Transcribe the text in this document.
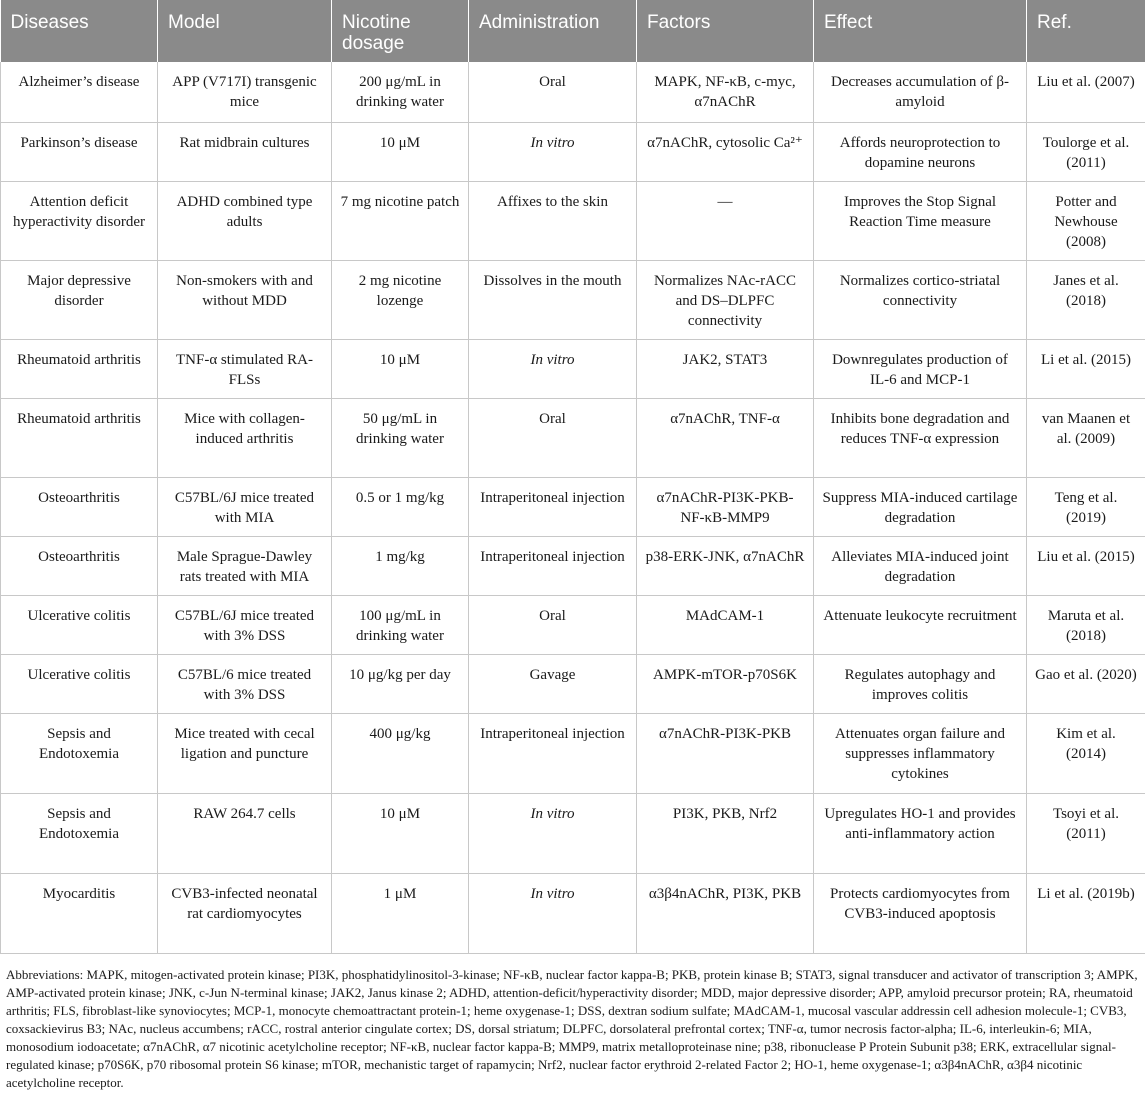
Diseases	Model	Nicotine dosage	Administration	Factors	Effect	Ref.
Alzheimer’s disease	APP (V717I) transgenic mice	200 μg/mL in drinking water	Oral	MAPK, NF-κB, c-myc, α7nAChR	Decreases accumulation of β-amyloid	Liu et al. (2007)
Parkinson’s disease	Rat midbrain cultures	10 μM	In vitro	α7nAChR, cytosolic Ca²⁺	Affords neuroprotection to dopamine neurons	Toulorge et al. (2011)
Attention deficit hyperactivity disorder	ADHD combined type adults	7 mg nicotine patch	Affixes to the skin	—	Improves the Stop Signal Reaction Time measure	Potter and Newhouse (2008)
Major depressive disorder	Non-smokers with and without MDD	2 mg nicotine lozenge	Dissolves in the mouth	Normalizes NAc-rACC and DS–DLPFC connectivity	Normalizes cortico-striatal connectivity	Janes et al. (2018)
Rheumatoid arthritis	TNF-α stimulated RA-FLSs	10 μM	In vitro	JAK2, STAT3	Downregulates production of IL-6 and MCP-1	Li et al. (2015)
Rheumatoid arthritis	Mice with collagen-induced arthritis	50 μg/mL in drinking water	Oral	α7nAChR, TNF-α	Inhibits bone degradation and reduces TNF-α expression	van Maanen et al. (2009)
Osteoarthritis	C57BL/6J mice treated with MIA	0.5 or 1 mg/kg	Intraperitoneal injection	α7nAChR-PI3K-PKB-NF-κB-MMP9	Suppress MIA-induced cartilage degradation	Teng et al. (2019)
Osteoarthritis	Male Sprague-Dawley rats treated with MIA	1 mg/kg	Intraperitoneal injection	p38-ERK-JNK, α7nAChR	Alleviates MIA-induced joint degradation	Liu et al. (2015)
Ulcerative colitis	C57BL/6J mice treated with 3% DSS	100 μg/mL in drinking water	Oral	MAdCAM-1	Attenuate leukocyte recruitment	Maruta et al. (2018)
Ulcerative colitis	C57BL/6 mice treated with 3% DSS	10 μg/kg per day	Gavage	AMPK-mTOR-p70S6K	Regulates autophagy and improves colitis	Gao et al. (2020)
Sepsis and Endotoxemia	Mice treated with cecal ligation and puncture	400 μg/kg	Intraperitoneal injection	α7nAChR-PI3K-PKB	Attenuates organ failure and suppresses inflammatory cytokines	Kim et al. (2014)
Sepsis and Endotoxemia	RAW 264.7 cells	10 μM	In vitro	PI3K, PKB, Nrf2	Upregulates HO-1 and provides anti-inflammatory action	Tsoyi et al. (2011)
Myocarditis	CVB3-infected neonatal rat cardiomyocytes	1 μM	In vitro	α3β4nAChR, PI3K, PKB	Protects cardiomyocytes from CVB3-induced apoptosis	Li et al. (2019b)
Abbreviations: MAPK, mitogen-activated protein kinase; PI3K, phosphatidylinositol-3-kinase; NF-κB, nuclear factor kappa-B; PKB, protein kinase B; STAT3, signal transducer and activator of transcription 3; AMPK, AMP-activated protein kinase; JNK, c-Jun N-terminal kinase; JAK2, Janus kinase 2; ADHD, attention-deficit/hyperactivity disorder; MDD, major depressive disorder; APP, amyloid precursor protein; RA, rheumatoid arthritis; FLS, fibroblast-like synoviocytes; MCP-1, monocyte chemoattractant protein-1; heme oxygenase-1; DSS, dextran sodium sulfate; MAdCAM-1, mucosal vascular addressin cell adhesion molecule-1; CVB3, coxsackievirus B3; NAc, nucleus accumbens; rACC, rostral anterior cingulate cortex; DS, dorsal striatum; DLPFC, dorsolateral prefrontal cortex; TNF-α, tumor necrosis factor-alpha; IL-6, interleukin-6; MIA, monosodium iodoacetate; α7nAChR, α7 nicotinic acetylcholine receptor; NF-κB, nuclear factor kappa-B; MMP9, matrix metalloproteinase nine; p38, ribonuclease P Protein Subunit p38; ERK, extracellular signal-regulated kinase; p70S6K, p70 ribosomal protein S6 kinase; mTOR, mechanistic target of rapamycin; Nrf2, nuclear factor erythroid 2-related Factor 2; HO-1, heme oxygenase-1; α3β4nAChR, α3β4 nicotinic acetylcholine receptor.
